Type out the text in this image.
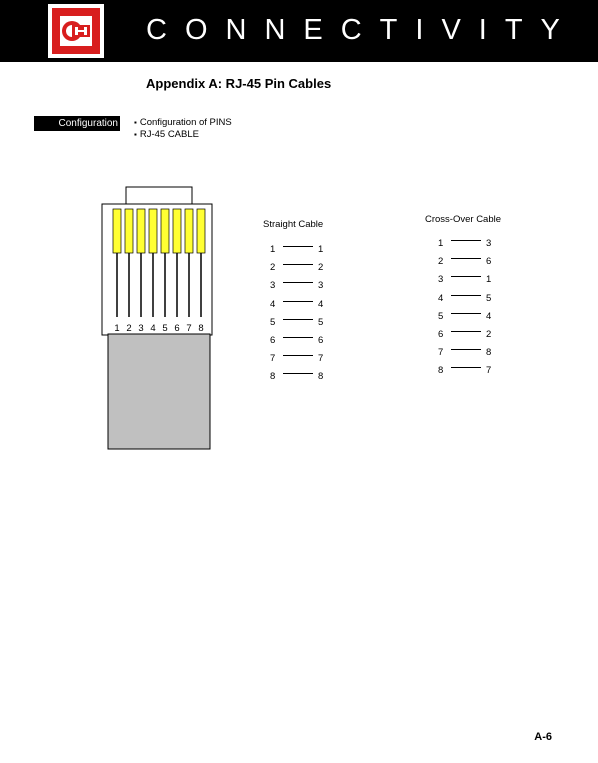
CONNECTIVITY
Appendix A: RJ-45 Pin Cables
Configuration	▪ Configuration of PINS
▪ RJ-45 CABLE
1 2 3 4 5 6 7 8
Straight Cable
1	1
2	2
3	3
4	4
5	5
6	6
7	7
8	8
Cross-Over Cable
1	3
2	6
3	1
4	5
5	4
6	2
7	8
8	7
A-6
